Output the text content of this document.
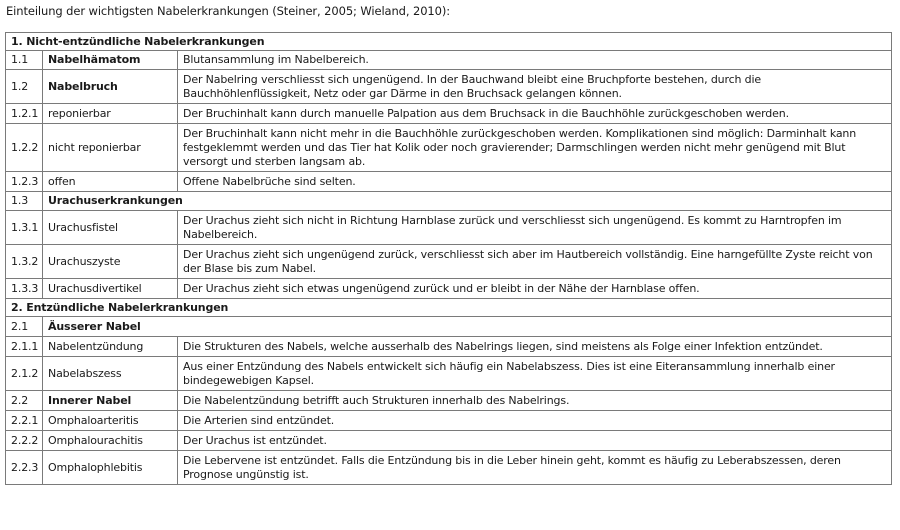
Einteilung der wichtigsten Nabelerkrankungen (Steiner, 2005; Wieland, 2010):
1. Nicht-entzündliche Nabelerkrankungen		
1.1	Nabelhämatom	Blutansammlung im Nabelbereich.
1.2	Nabelbruch	Der Nabelring verschliesst sich ungenügend. In der Bauchwand bleibt eine Bruchpforte bestehen, durch die Bauchhöhlenflüssigkeit, Netz oder gar Därme in den Bruchsack gelangen können.
1.2.1	reponierbar	Der Bruchinhalt kann durch manuelle Palpation aus dem Bruchsack in die Bauchhöhle zurückgeschoben werden.
1.2.2	nicht reponierbar	Der Bruchinhalt kann nicht mehr in die Bauchhöhle zurückgeschoben werden. Komplikationen sind möglich: Darminhalt kann festgeklemmt werden und das Tier hat Kolik oder noch gravierender; Darmschlingen werden nicht mehr genügend mit Blut versorgt und sterben langsam ab.
1.2.3	offen	Offene Nabelbrüche sind selten.
1.3	Urachuserkrankungen	
1.3.1	Urachusfistel	Der Urachus zieht sich nicht in Richtung Harnblase zurück und verschliesst sich ungenügend. Es kommt zu Harntropfen im Nabelbereich.
1.3.2	Urachuszyste	Der Urachus zieht sich ungenügend zurück, verschliesst sich aber im Hautbereich vollständig. Eine harngefüllte Zyste reicht von der Blase bis zum Nabel.
1.3.3	Urachusdivertikel	Der Urachus zieht sich etwas ungenügend zurück und er bleibt in der Nähe der Harnblase offen.
2. Entzündliche Nabelerkrankungen		
2.1	Äusserer Nabel	
2.1.1	Nabelentzündung	Die Strukturen des Nabels, welche ausserhalb des Nabelrings liegen, sind meistens als Folge einer Infektion entzündet.
2.1.2	Nabelabszess	Aus einer Entzündung des Nabels entwickelt sich häufig ein Nabelabszess. Dies ist eine Eiteransammlung innerhalb einer bindegewebigen Kapsel.
2.2	Innerer Nabel	Die Nabelentzündung betrifft auch Strukturen innerhalb des Nabelrings.
2.2.1	Omphaloarteritis	Die Arterien sind entzündet.
2.2.2	Omphalourachitis	Der Urachus ist entzündet.
2.2.3	Omphalophlebitis	Die Lebervene ist entzündet. Falls die Entzündung bis in die Leber hinein geht, kommt es häufig zu Leberabszessen, deren Prognose ungünstig ist.
